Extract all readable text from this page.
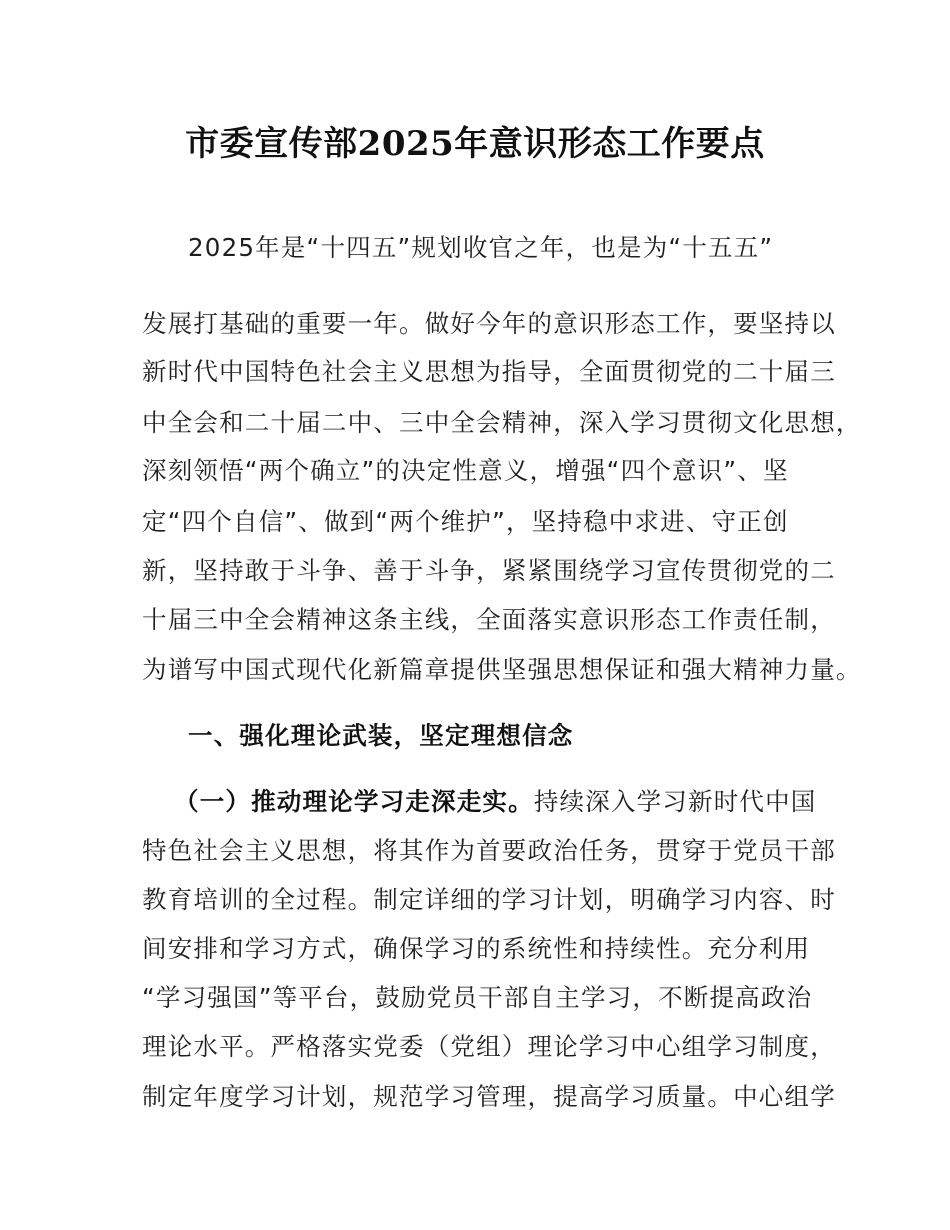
市委宣传部2025年意识形态工作要点
2025年是“十四五”规划收官之年，也是为“十五五”
发展打基础的重要一年。做好今年的意识形态工作，要坚持以
新时代中国特色社会主义思想为指导，全面贯彻党的二十届三
中全会和二十届二中、三中全会精神，深入学习贯彻文化思想，
深刻领悟“两个确立”的决定性意义，增强“四个意识”、坚
定“四个自信”、做到“两个维护”，坚持稳中求进、守正创
新，坚持敢于斗争、善于斗争，紧紧围绕学习宣传贯彻党的二
十届三中全会精神这条主线，全面落实意识形态工作责任制，
为谱写中国式现代化新篇章提供坚强思想保证和强大精神力量。
一、强化理论武装，坚定理想信念
（一）推动理论学习走深走实。持续深入学习新时代中国
特色社会主义思想，将其作为首要政治任务，贯穿于党员干部
教育培训的全过程。制定详细的学习计划，明确学习内容、时
间安排和学习方式，确保学习的系统性和持续性。充分利用
“学习强国”等平台，鼓励党员干部自主学习，不断提高政治
理论水平。严格落实党委（党组）理论学习中心组学习制度，
制定年度学习计划，规范学习管理，提高学习质量。中心组学
